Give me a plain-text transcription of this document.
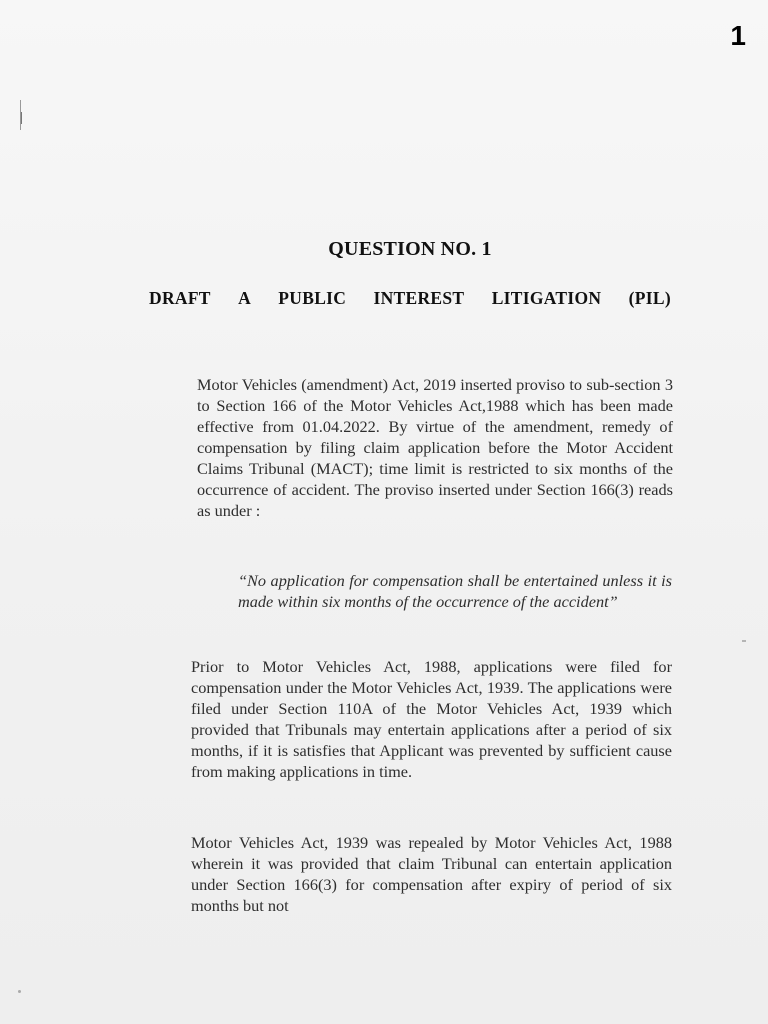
1
QUESTION NO. 1
DRAFT A PUBLIC INTEREST LITIGATION (PIL)
Motor Vehicles (amendment) Act, 2019 inserted proviso to sub-section 3 to Section 166 of the Motor Vehicles Act,1988 which has been made effective from 01.04.2022. By virtue of the amendment, remedy of compensation by filing claim application before the Motor Accident Claims Tribunal (MACT); time limit is restricted to six months of the occurrence of accident. The proviso inserted under Section 166(3) reads as under :
“No application for compensation shall be entertained unless it is made within six months of the occurrence of the accident”
Prior to Motor Vehicles Act, 1988, applications were filed for compensation under the Motor Vehicles Act, 1939. The applications were filed under Section 110A of the Motor Vehicles Act, 1939 which provided that Tribunals may entertain applications after a period of six months, if it is satisfies that Applicant was prevented by sufficient cause from making applications in time.
Motor Vehicles Act, 1939 was repealed by Motor Vehicles Act, 1988 wherein it was provided that claim Tribunal can entertain application under Section 166(3) for compensation after expiry of period of six months but not
